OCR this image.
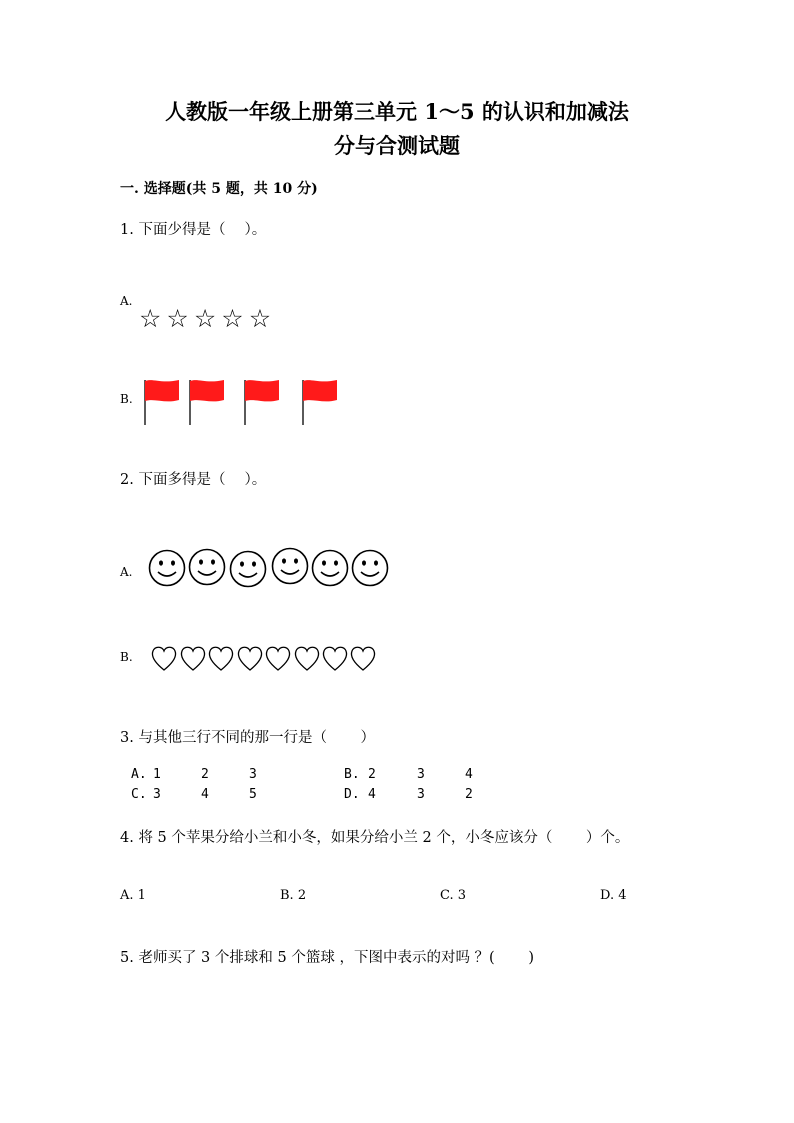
人教版一年级上册第三单元 1～5 的认识和加减法
分与合测试题
一. 选择题(共 5 题，共 10 分)
1. 下面少得是（　 ）。
A.
☆ ☆ ☆ ☆ ☆
B.
2. 下面多得是（　 ）。
A.
B.
3. 与其他三行不同的那一行是（　　 ）
A. 1	2	3	B. 2	3	4
C. 3	4	5	D. 4	3	2
4. 将 5 个苹果分给小兰和小冬，如果分给小兰 2 个，小冬应该分（　　 ）个。
A. 1	B. 2	C. 3	D. 4
5. 老师买了 3 个排球和 5 个篮球 ，下图中表示的对吗 ？(　　 )
